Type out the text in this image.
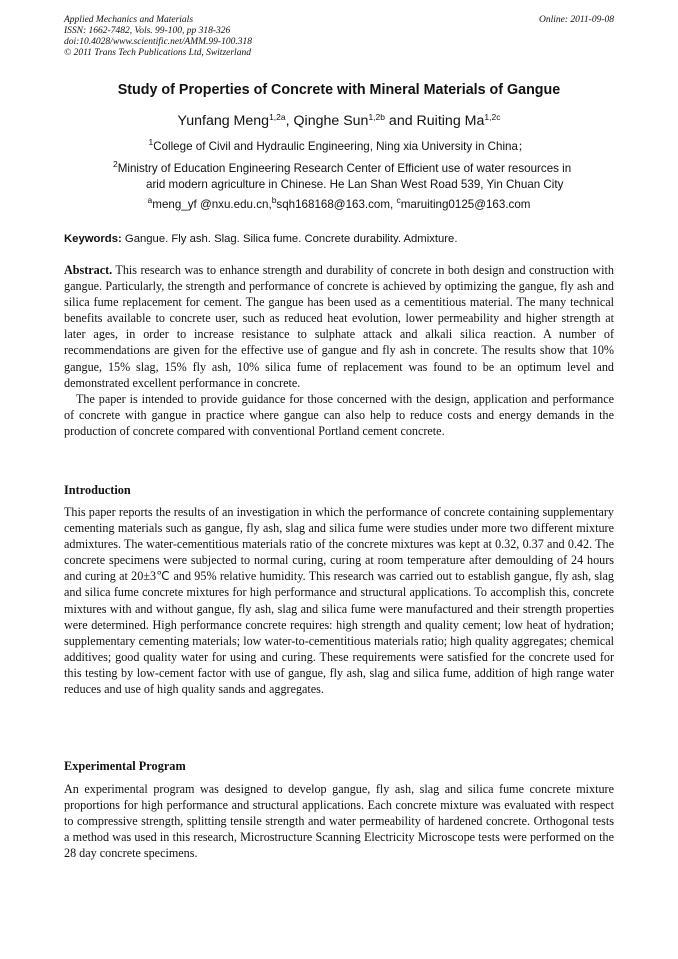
Applied Mechanics and Materials
ISSN: 1662-7482, Vols. 99-100, pp 318-326
doi:10.4028/www.scientific.net/AMM.99-100.318
© 2011 Trans Tech Publications Ltd, Switzerland
Online: 2011-09-08
Study of Properties of Concrete with Mineral Materials of Gangue
Yunfang Meng$^{1,2a}$, Qinghe Sun$^{1,2b}$ and Ruiting $Ma^{1,2c}$
$^1$College of Civil and Hydraulic Engineering, Ning xia University in China；
$^2$Ministry of Education Engineering Research Center of Efficient use of water resources in
arid modern agriculture in Chinese. He Lan Shan West Road 539, Yin Chuan City
$^a$meng_yf @nxu.edu.cn,$^b$sqh168168@163.com, $^c$maruiting0125@163.com
Keywords: Gangue. Fly ash. Slag. Silica fume. Concrete durability. Admixture.

Abstract. This research was to enhance strength and durability of concrete in both design and construction with gangue. Particularly, the strength and performance of concrete is achieved by optimizing the gangue, fly ash and silica fume replacement for cement. The gangue has been used as a cementitious material. The many technical benefits available to concrete user, such as reduced heat evolution, lower permeability and higher strength at later ages, in order to increase resistance to sulphate attack and alkali silica reaction. A number of recommendations are given for the effective use of gangue and fly ash in concrete. The results show that 10% gangue, 15% slag, 15% fly ash, 10% silica fume of replacement was found to be an optimum level and demonstrated excellent performance in concrete.

The paper is intended to provide guidance for those concerned with the design, application and performance of concrete with gangue in practice where gangue can also help to reduce costs and energy demands in the production of concrete compared with conventional Portland cement concrete.

Introduction
This paper reports the results of an investigation in which the performance of concrete containing supplementary cementing materials such as gangue, fly ash, slag and silica fume were studies under more two different mixture admixtures. The water-cementitious materials ratio of the concrete mixtures was kept at 0.32, 0.37 and 0.42. The concrete specimens were subjected to normal curing, curing at room temperature after demoulding of 24 hours and curing at 20±3℃ and 95% relative humidity. This research was carried out to establish gangue, fly ash, slag and silica fume concrete mixtures for high performance and structural applications. To accomplish this, concrete mixtures with and without gangue, fly ash, slag and silica fume were manufactured and their strength properties were determined. High performance concrete requires: high strength and quality cement; low heat of hydration; supplementary cementing materials; low water-to-cementitious materials ratio; high quality aggregates; chemical additives; good quality water for using and curing. These requirements were satisfied for the concrete used for this testing by low-cement factor with use of gangue, fly ash, slag and silica fume, addition of high range water reduces and use of high quality sands and aggregates.
Experimental Program
An experimental program was designed to develop gangue, fly ash, slag and silica fume concrete mixture proportions for high performance and structural applications. Each concrete mixture was evaluated with respect to compressive strength, splitting tensile strength and water permeability of hardened concrete. Orthogonal tests a method was used in this research, Microstructure Scanning Electricity Microscope tests were performed on the 28 day concrete specimens.
